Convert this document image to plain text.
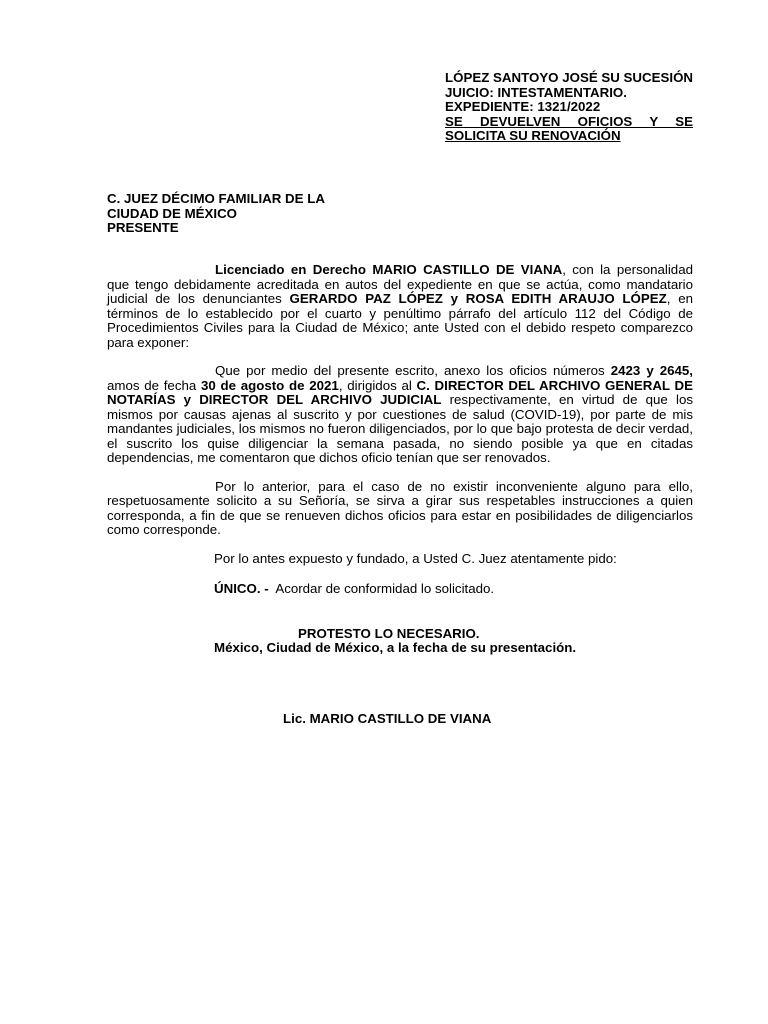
LÓPEZ SANTOYO JOSÉ SU SUCESIÓN

JUICIO: INTESTAMENTARIO.

EXPEDIENTE: 1321/2022

SE DEVUELVEN OFICIOS Y SE SOLICITA SU RENOVACIÓN

C. JUEZ DÉCIMO FAMILIAR DE LA

CIUDAD DE MÉXICO

PRESENTE

Licenciado en Derecho MARIO CASTILLO DE VIANA, con la personalidad que tengo debidamente acreditada en autos del expediente en que se actúa, como mandatario judicial de los denunciantes GERARDO PAZ LÓPEZ y ROSA EDITH ARAUJO LÓPEZ, en términos de lo establecido por el cuarto y penúltimo párrafo del artículo 112 del Código de Procedimientos Civiles para la Ciudad de México; ante Usted con el debido respeto comparezco para exponer:

Que por medio del presente escrito, anexo los oficios números 2423 y 2645, amos de fecha 30 de agosto de 2021, dirigidos al C. DIRECTOR DEL ARCHIVO GENERAL DE NOTARÍAS y DIRECTOR DEL ARCHIVO JUDICIAL respectivamente, en virtud de que los mismos por causas ajenas al suscrito y por cuestiones de salud (COVID-19), por parte de mis mandantes judiciales, los mismos no fueron diligenciados, por lo que bajo protesta de decir verdad, el suscrito los quise diligenciar la semana pasada, no siendo posible ya que en citadas dependencias, me comentaron que dichos oficio tenían que ser renovados.

Por lo anterior, para el caso de no existir inconveniente alguno para ello, respetuosamente solicito a su Señoría, se sirva a girar sus respetables instrucciones a quien corresponda, a fin de que se renueven dichos oficios para estar en posibilidades de diligenciarlos como corresponde.

Por lo antes expuesto y fundado, a Usted C. Juez atentamente pido:

ÚNICO. -  Acordar de conformidad lo solicitado.

PROTESTO LO NECESARIO.

México, Ciudad de México, a la fecha de su presentación.

Lic. MARIO CASTILLO DE VIANA
